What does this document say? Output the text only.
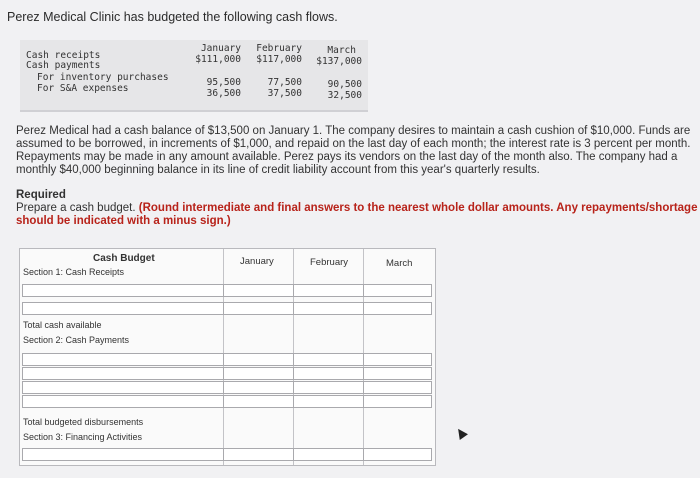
Perez Medical Clinic has budgeted the following cash flows.
January February	March
Cash receipts	$111,000 $117,000 $137,000
Cash payments
For inventory purchases	95,500	77,500	90,500
For S&A expenses	36,500	37,500	32,500
Perez Medical had a cash balance of $13,500 on January 1. The company desires to maintain a cash cushion of $10,000. Funds are assumed to be borrowed, in increments of $1,000, and repaid on the last day of each month; the interest rate is 3 percent per month. Repayments may be made in any amount available. Perez pays its vendors on the last day of the month also. The company had a monthly $40,000 beginning balance in its line of credit liability account from this year's quarterly results.
Required
Prepare a cash budget. (Round intermediate and final answers to the nearest whole dollar amounts. Any repayments/shortage should be indicated with a minus sign.)
Cash Budget	January	February	March
Section 1: Cash Receipts
Total cash available
Section 2: Cash Payments
Total budgeted disbursements
Section 3: Financing Activities
